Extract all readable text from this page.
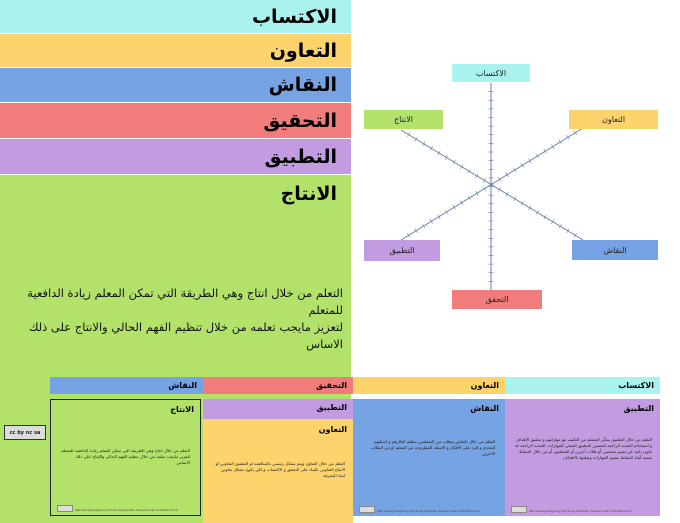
الاكتساب
التعاون
النقاش
التحقيق
التطبيق
الانتاج
التعلم من خلال انتاج وهي الطريقة التي تمكن المعلم زيادة الدافعية للمتعلم
لتعزيز مايجب تعلمه من خلال تنظيم الفهم الحالي والانتاج على ذلك الاساس
الاكتساب
التعاون
الانتاج
النقاش
التطبيق
التحقق
النقاش	التحقيق	التعاون	الاكتساب
الانتاج
التعلم من خلال انتاج وهي الطريقة التي تمكن المعلم زيادة الدافعية للمتعلم لتعزيز مايجب تعلمه من خلال تنظيم الفهم الحالي والإنتاج على ذلك الاساس
ABC learning designs by UCL/Young Scientists, licensed under CC BY-NC-SA 4.0
التطبيق
التعاون
التعلم من خلال التعاون ويتم بشكل رئيسي بالمناقشة او التطبيق التعاوني او الانتاج التعاوني بالبناء على التحقق و الاكتساب و لكن يكون بشكل تعاوني لبناء المعرفة
النقاش
التعلم من خلال النقاش يتطلب من المتعلمين تنظيم افكارهم و اسئلتهم للتحدي و للرد على الأفكار و الاسئلة المطروحة من المعلم او من الطلاب الاخرين
ABC learning designs by UCL/Young Scientists, licensed under CC BY-NC-SA 4.0
التطبيق
التعلم من خلال التطبيق يمكّن المتعلم من التكيف مع مهاراتهم و تحقيق الأهداف و استخدام التغذية الراجعة لتحسين التطبيق العملي للمهارات. التغذية الراجعة قد تكون ذاتية عن تقييم شخصي أو طلاب آخرين أو المعلمون أو من خلال النشاط نفسه أثناء النشاط بتقييم المهارات وبعلمها بالاهداف
ABC learning designs by UCL/Young Scientists, licensed under CC BY-NC-SA 4.0
cc by nc sa
